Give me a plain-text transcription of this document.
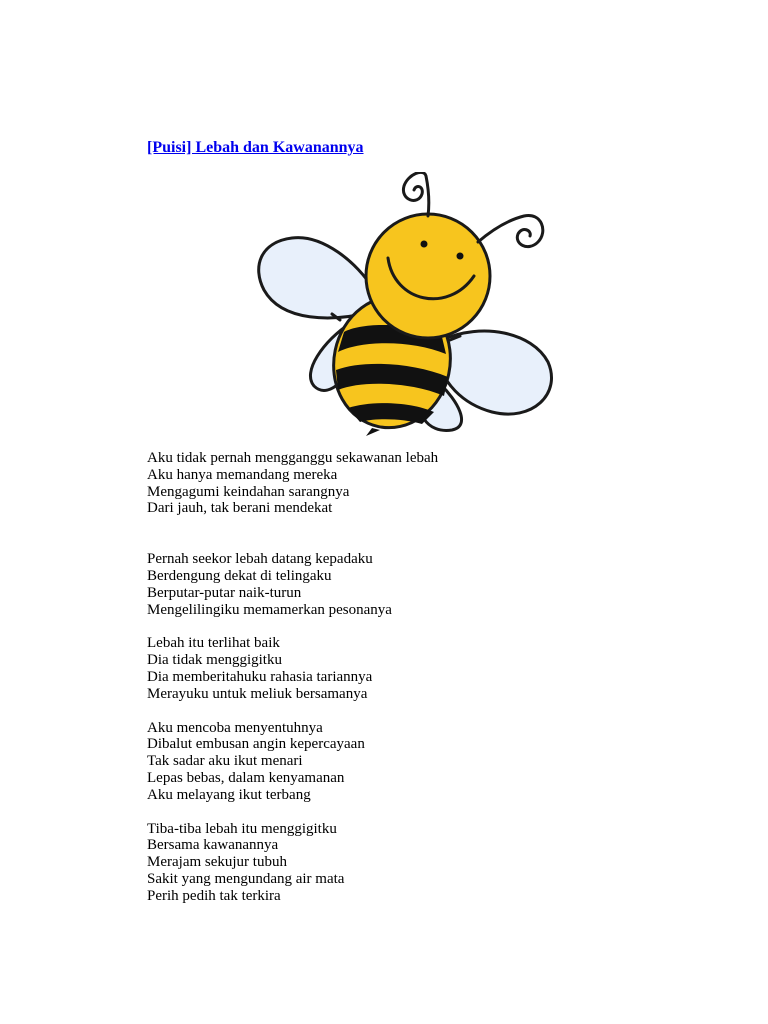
[Puisi] Lebah dan Kawanannya
Aku tidak pernah mengganggu sekawanan lebah
Aku hanya memandang mereka
Mengagumi keindahan sarangnya
Dari jauh, tak berani mendekat
Pernah seekor lebah datang kepadaku
Berdengung dekat di telingaku
Berputar-putar naik-turun
Mengelilingiku memamerkan pesonanya
Lebah itu terlihat baik
Dia tidak menggigitku
Dia memberitahuku rahasia tariannya
Merayuku untuk meliuk bersamanya
Aku mencoba menyentuhnya
Dibalut embusan angin kepercayaan
Tak sadar aku ikut menari
Lepas bebas, dalam kenyamanan
Aku melayang ikut terbang
Tiba-tiba lebah itu menggigitku
Bersama kawanannya
Merajam sekujur tubuh
Sakit yang mengundang air mata
Perih pedih tak terkira
